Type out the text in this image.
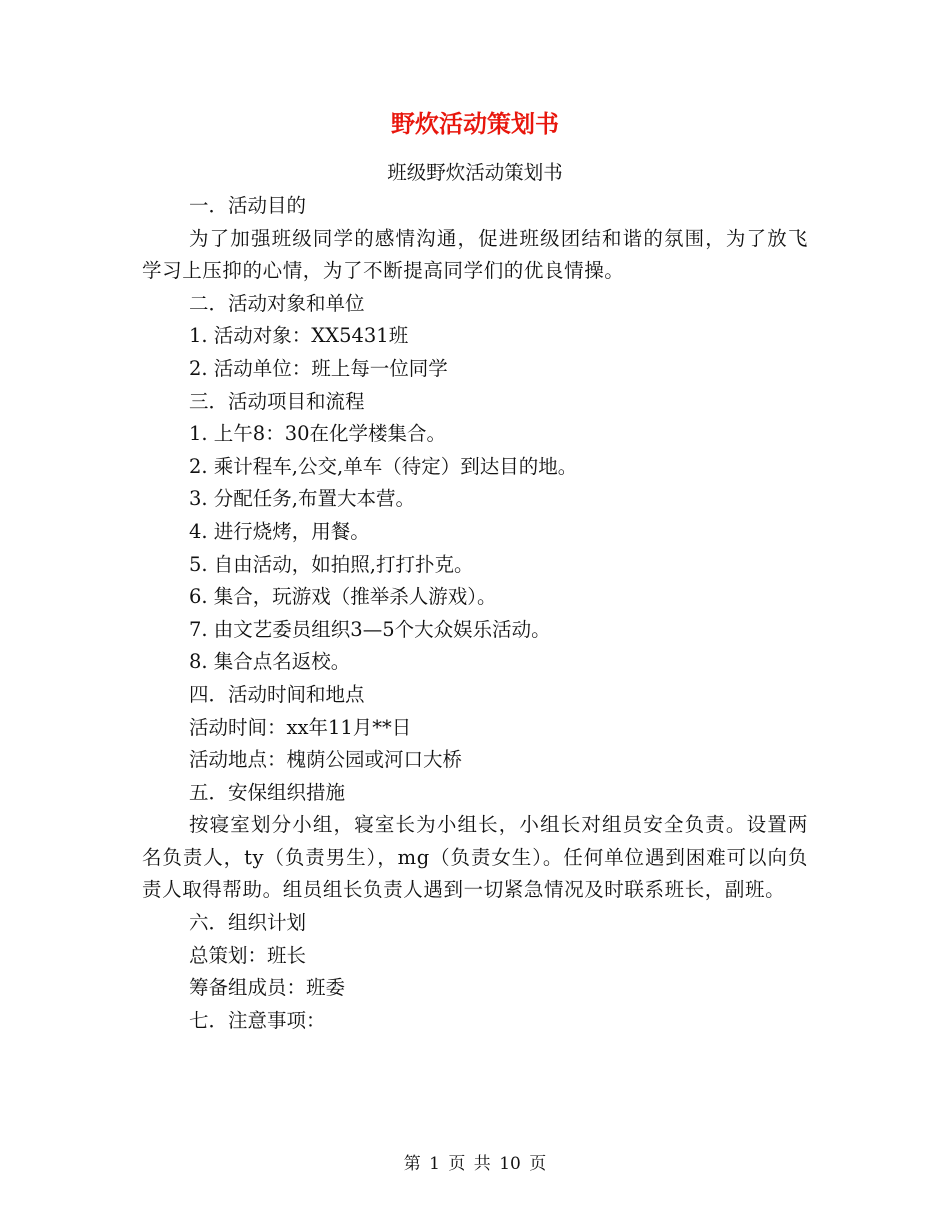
野炊活动策划书

班级野炊活动策划书

一．活动目的

为了加强班级同学的感情沟通，促进班级团结和谐的氛围，为了放飞学习上压抑的心情，为了不断提高同学们的优良情操。

二．活动对象和单位

1. 活动对象：XX5431班

2. 活动单位：班上每一位同学

三．活动项目和流程

1. 上午8：30在化学楼集合。

2. 乘计程车,公交,单车（待定）到达目的地。

3. 分配任务,布置大本营。

4. 进行烧烤，用餐。

5. 自由活动，如拍照,打打扑克。

6. 集合，玩游戏（推举杀人游戏）。

7. 由文艺委员组织3—5个大众娱乐活动。

8. 集合点名返校。

四．活动时间和地点

活动时间：xx年11月**日

活动地点：槐荫公园或河口大桥

五．安保组织措施

按寝室划分小组，寝室长为小组长，小组长对组员安全负责。设置两名负责人，ty（负责男生），mg（负责女生）。任何单位遇到困难可以向负责人取得帮助。组员组长负责人遇到一切紧急情况及时联系班长，副班。

六．组织计划

总策划：班长

筹备组成员：班委

七．注意事项：

第 1 页 共 10 页
